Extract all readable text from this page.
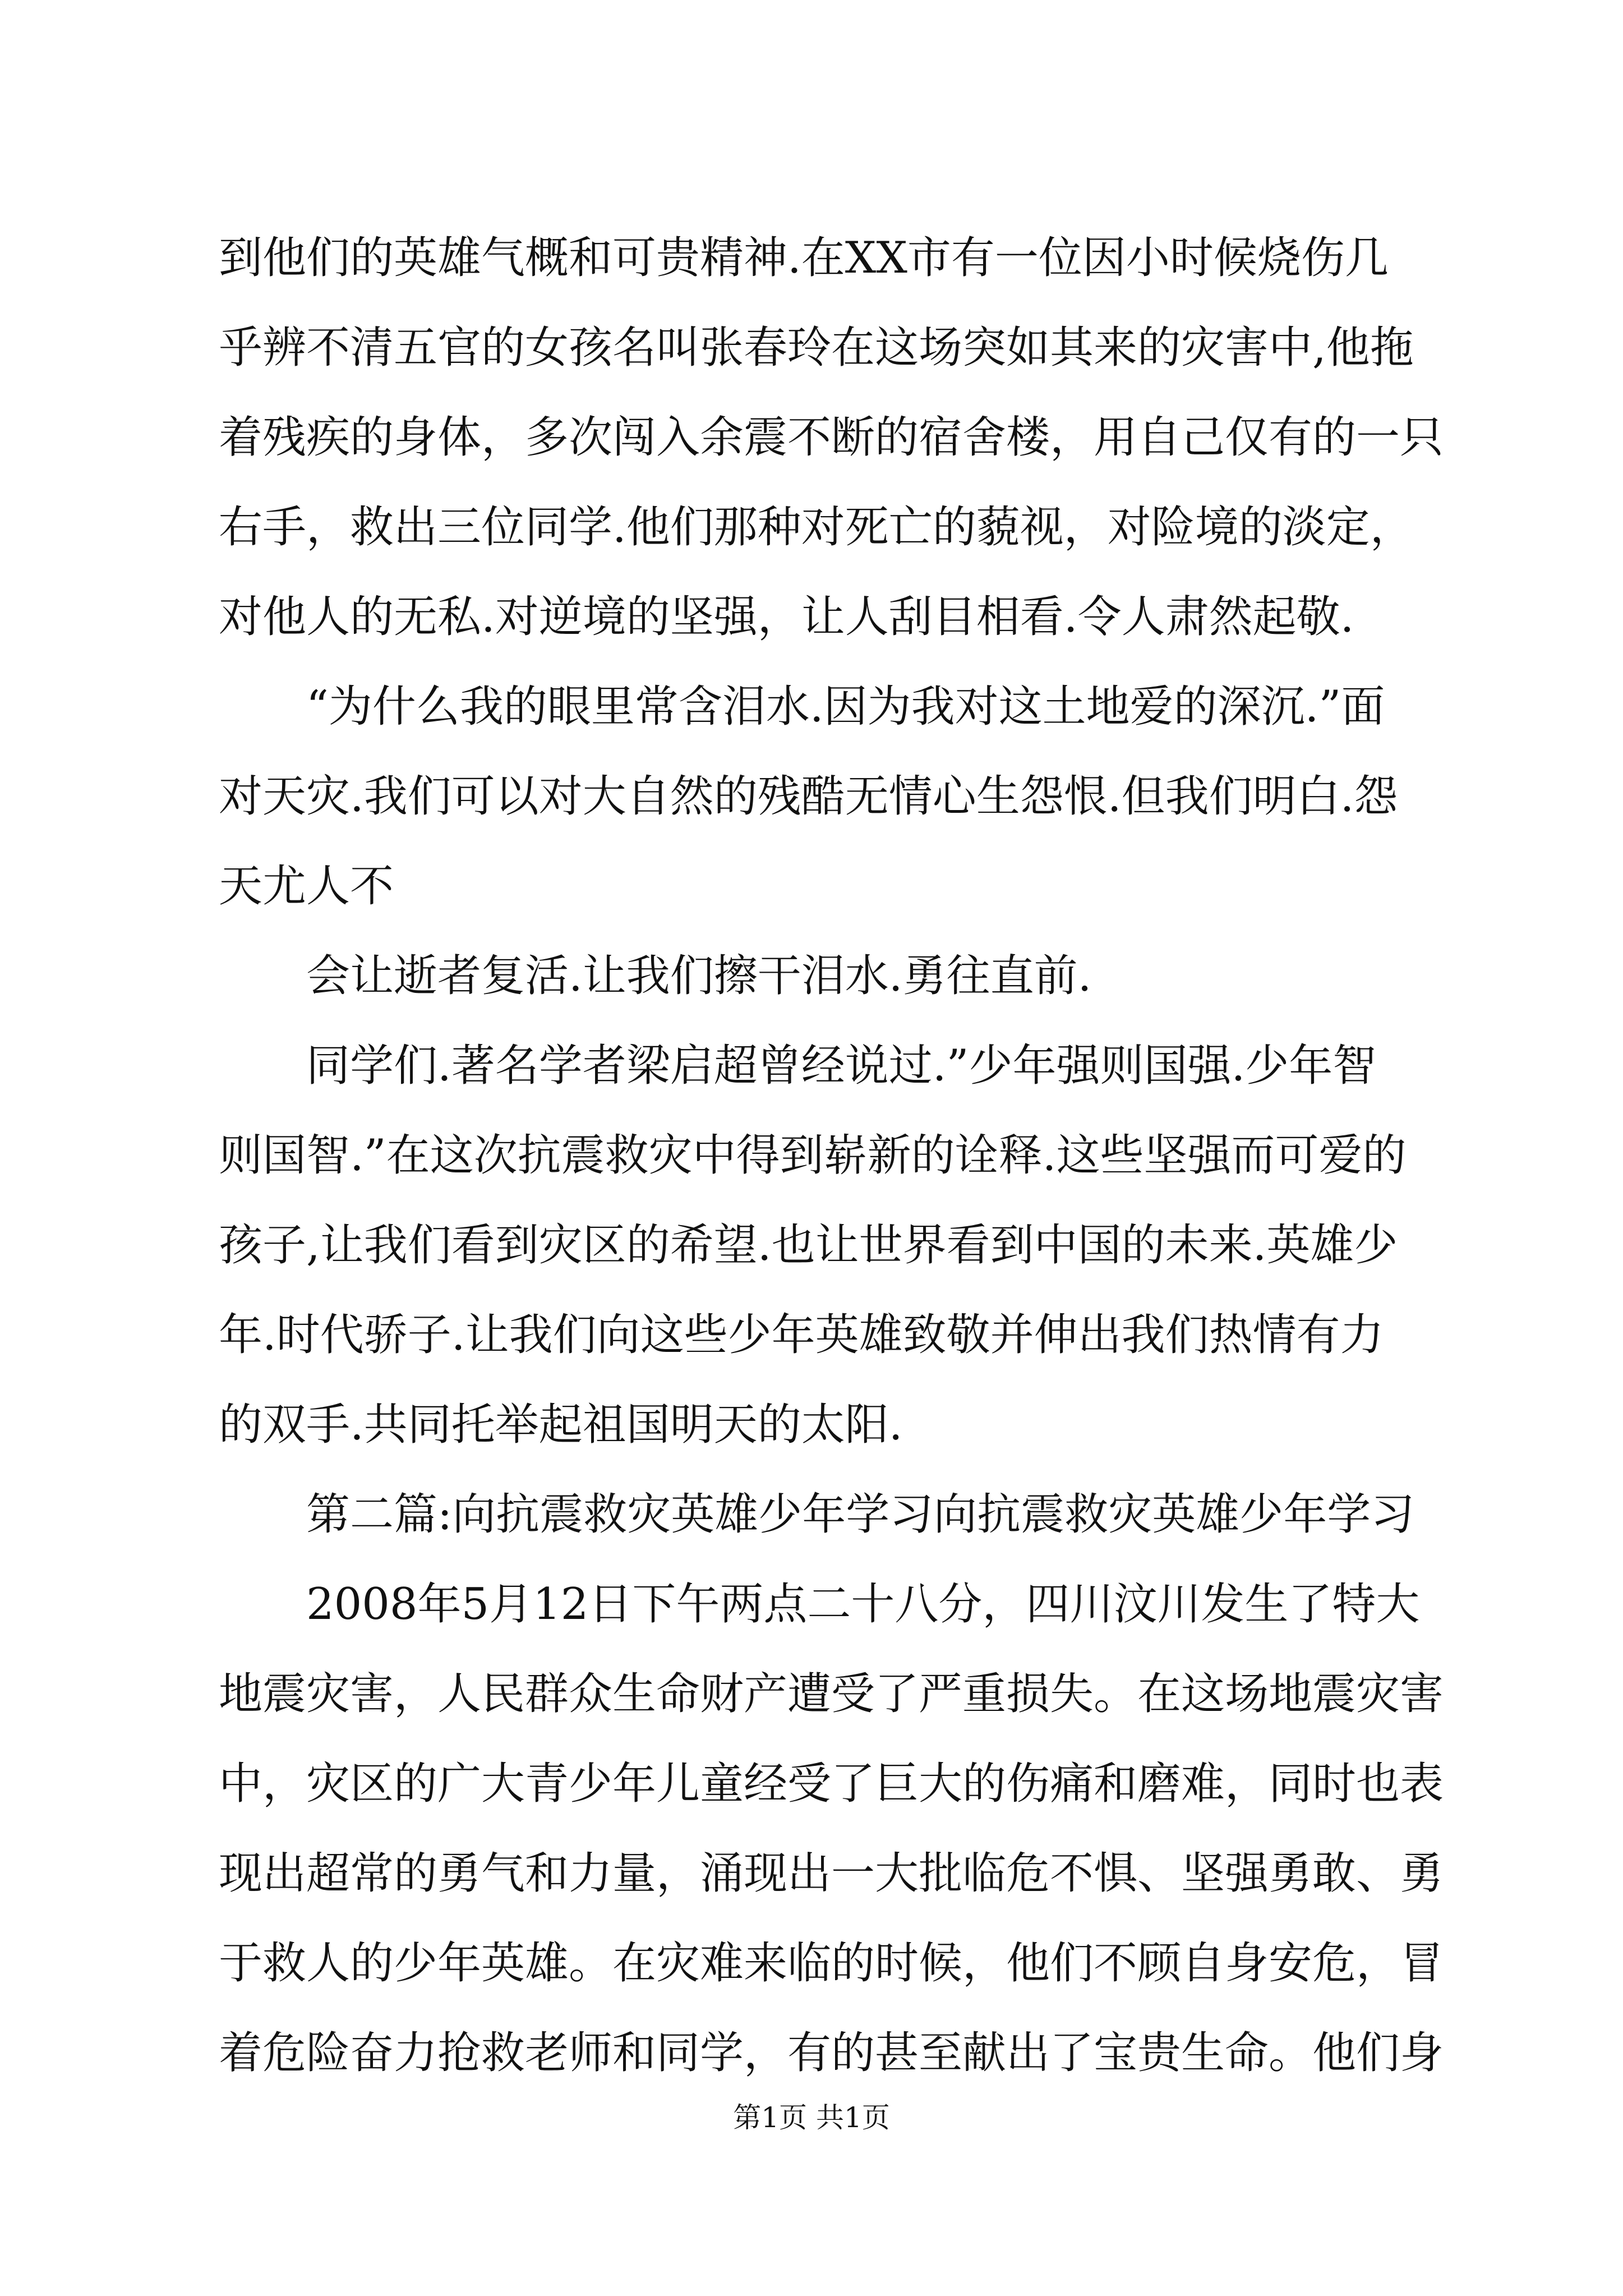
到他们的英雄气概和可贵精神.在XX市有一位因小时候烧伤几
乎辨不清五官的女孩名叫张春玲在这场突如其来的灾害中,他拖
着残疾的身体，多次闯入余震不断的宿舍楼，用自己仅有的一只
右手，救出三位同学.他们那种对死亡的藐视，对险境的淡定，
对他人的无私.对逆境的坚强，让人刮目相看.令人肃然起敬.
　　“为什么我的眼里常含泪水.因为我对这土地爱的深沉.”面
对天灾.我们可以对大自然的残酷无情心生怨恨.但我们明白.怨
天尤人不
　　会让逝者复活.让我们擦干泪水.勇往直前.
　　同学们.著名学者梁启超曾经说过.”少年强则国强.少年智
则国智.”在这次抗震救灾中得到崭新的诠释.这些坚强而可爱的
孩子,让我们看到灾区的希望.也让世界看到中国的未来.英雄少
年.时代骄子.让我们向这些少年英雄致敬并伸出我们热情有力
的双手.共同托举起祖国明天的太阳.
　　第二篇:向抗震救灾英雄少年学习向抗震救灾英雄少年学习
　　2008年5月12日下午两点二十八分，四川汶川发生了特大
地震灾害，人民群众生命财产遭受了严重损失。在这场地震灾害
中，灾区的广大青少年儿童经受了巨大的伤痛和磨难，同时也表
现出超常的勇气和力量，涌现出一大批临危不惧、坚强勇敢、勇
于救人的少年英雄。在灾难来临的时候，他们不顾自身安危，冒
着危险奋力抢救老师和同学，有的甚至献出了宝贵生命。他们身
第1页 共1页
